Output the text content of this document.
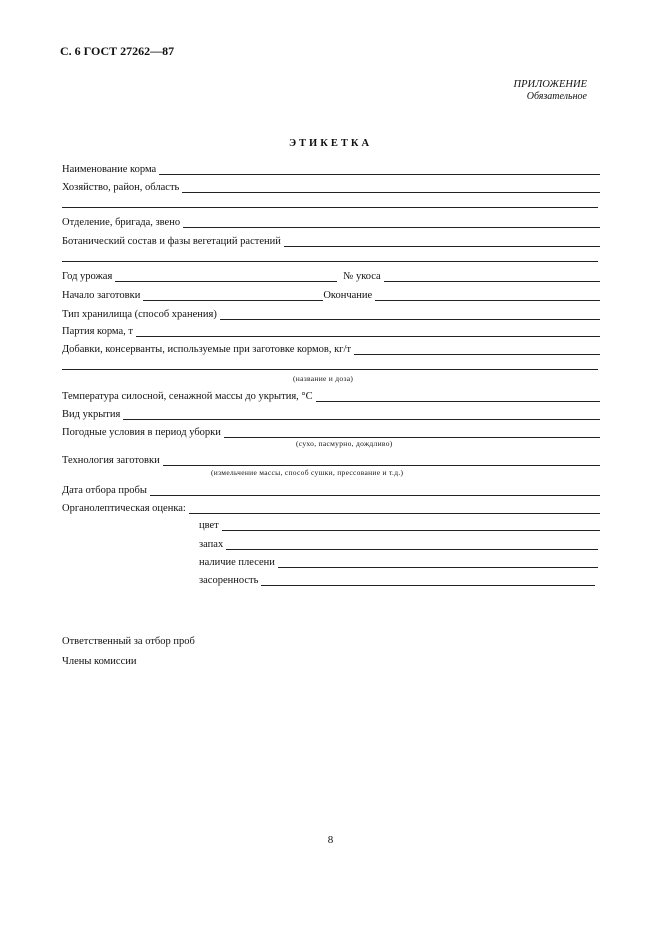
С. 6 ГОСТ 27262—87
ПРИЛОЖЕНИЕ
Обязательное
ЭТИКЕТКА
Наименование корма
Хозяйство, район, область
Отделение, бригада, звено
Ботанический состав и фазы вегетаций растений
Год урожая	№ укоса
Начало заготовки	Окончание
Тип хранилища (способ хранения)
Партия корма, т
Добавки, консерванты, используемые при заготовке кормов, кг/т
(название и доза)
Температура силосной, сенажной массы до укрытия, °С
Вид укрытия
Погодные условия в период уборки
(сухо, пасмурно, дождливо)
Технология заготовки
(измельчение массы, способ сушки, прессование и т.д.)
Дата отбора пробы
Органолептическая оценка:
цвет
запах
наличие плесени
засоренность
Ответственный за отбор проб
Члены комиссии
8
